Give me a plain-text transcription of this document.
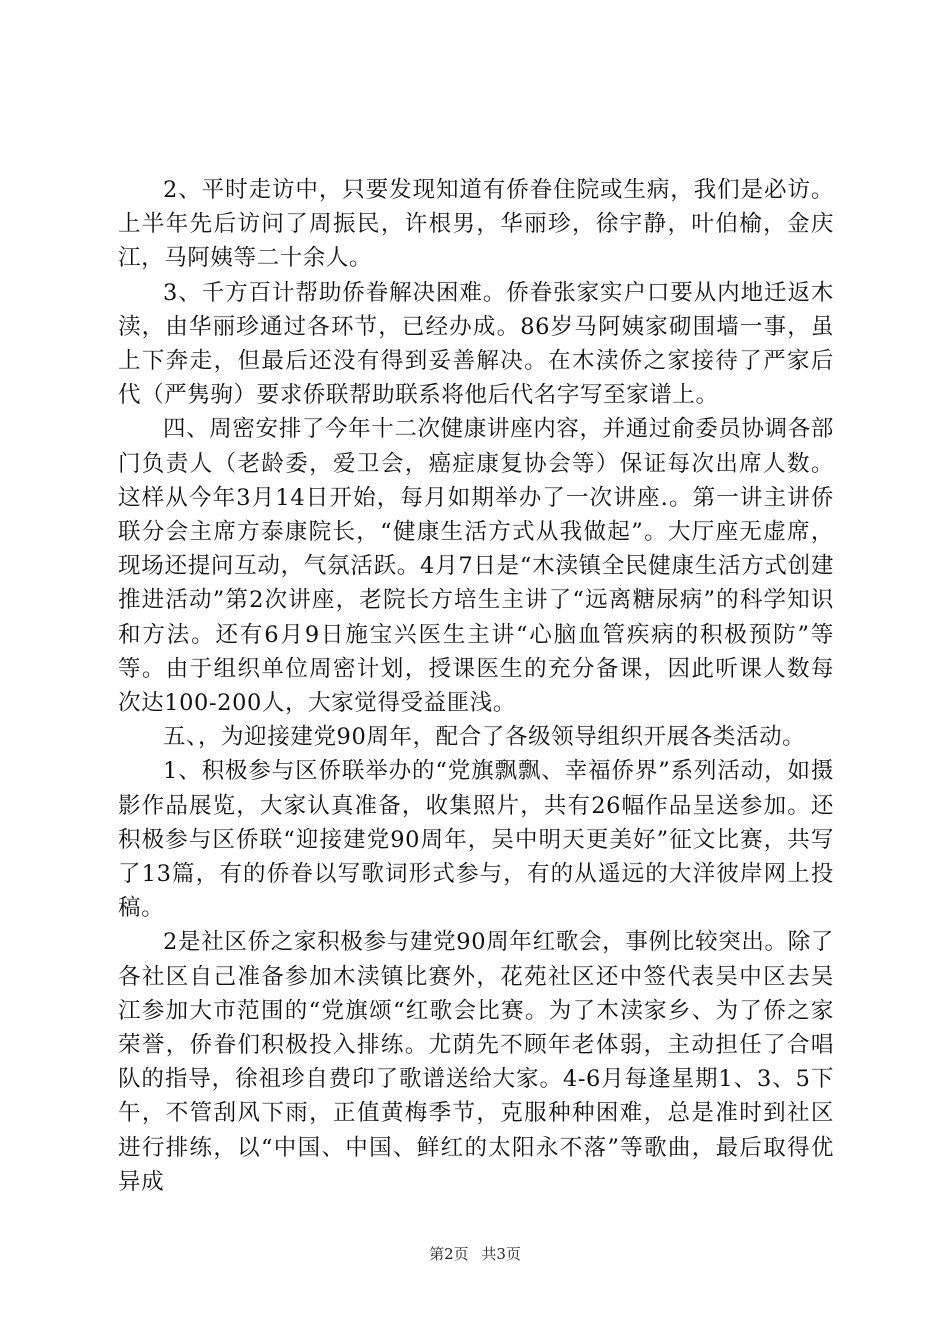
2、平时走访中，只要发现知道有侨眷住院或生病，我们是必访。上半年先后访问了周振民，许根男，华丽珍，徐宇静，叶伯榆，金庆江，马阿姨等二十余人。

3、千方百计帮助侨眷解决困难。侨眷张家实户口要从内地迁返木渎，由华丽珍通过各环节，已经办成。86岁马阿姨家砌围墙一事，虽上下奔走，但最后还没有得到妥善解决。在木渎侨之家接待了严家后代（严隽驹）要求侨联帮助联系将他后代名字写至家谱上。

四、周密安排了今年十二次健康讲座内容，并通过俞委员协调各部门负责人（老龄委，爱卫会，癌症康复协会等）保证每次出席人数。这样从今年3月14日开始，每月如期举办了一次讲座.。第一讲主讲侨联分会主席方泰康院长，“健康生活方式从我做起”。大厅座无虚席，现场还提问互动，气氛活跃。4月7日是“木渎镇全民健康生活方式创建推进活动”第2次讲座，老院长方培生主讲了“远离糖尿病”的科学知识和方法。还有6月9日施宝兴医生主讲“心脑血管疾病的积极预防”等等。由于组织单位周密计划，授课医生的充分备课，因此听课人数每次达100-200人，大家觉得受益匪浅。

五、，为迎接建党90周年，配合了各级领导组织开展各类活动。

1、积极参与区侨联举办的“党旗飘飘、幸福侨界”系列活动，如摄影作品展览，大家认真准备，收集照片，共有26幅作品呈送参加。还积极参与区侨联“迎接建党90周年，吴中明天更美好”征文比赛，共写了13篇，有的侨眷以写歌词形式参与，有的从遥远的大洋彼岸网上投稿。

2是社区侨之家积极参与建党90周年红歌会，事例比较突出。除了各社区自己准备参加木渎镇比赛外，花苑社区还中签代表吴中区去吴江参加大市范围的“党旗颂“红歌会比赛。为了木渎家乡、为了侨之家荣誉，侨眷们积极投入排练。尤荫先不顾年老体弱，主动担任了合唱队的指导，徐祖珍自费印了歌谱送给大家。4-6月每逢星期1、3、5下午，不管刮风下雨，正值黄梅季节，克服种种困难，总是准时到社区进行排练，以“中国、中国、鲜红的太阳永不落”等歌曲，最后取得优异成

第2页 共3页
